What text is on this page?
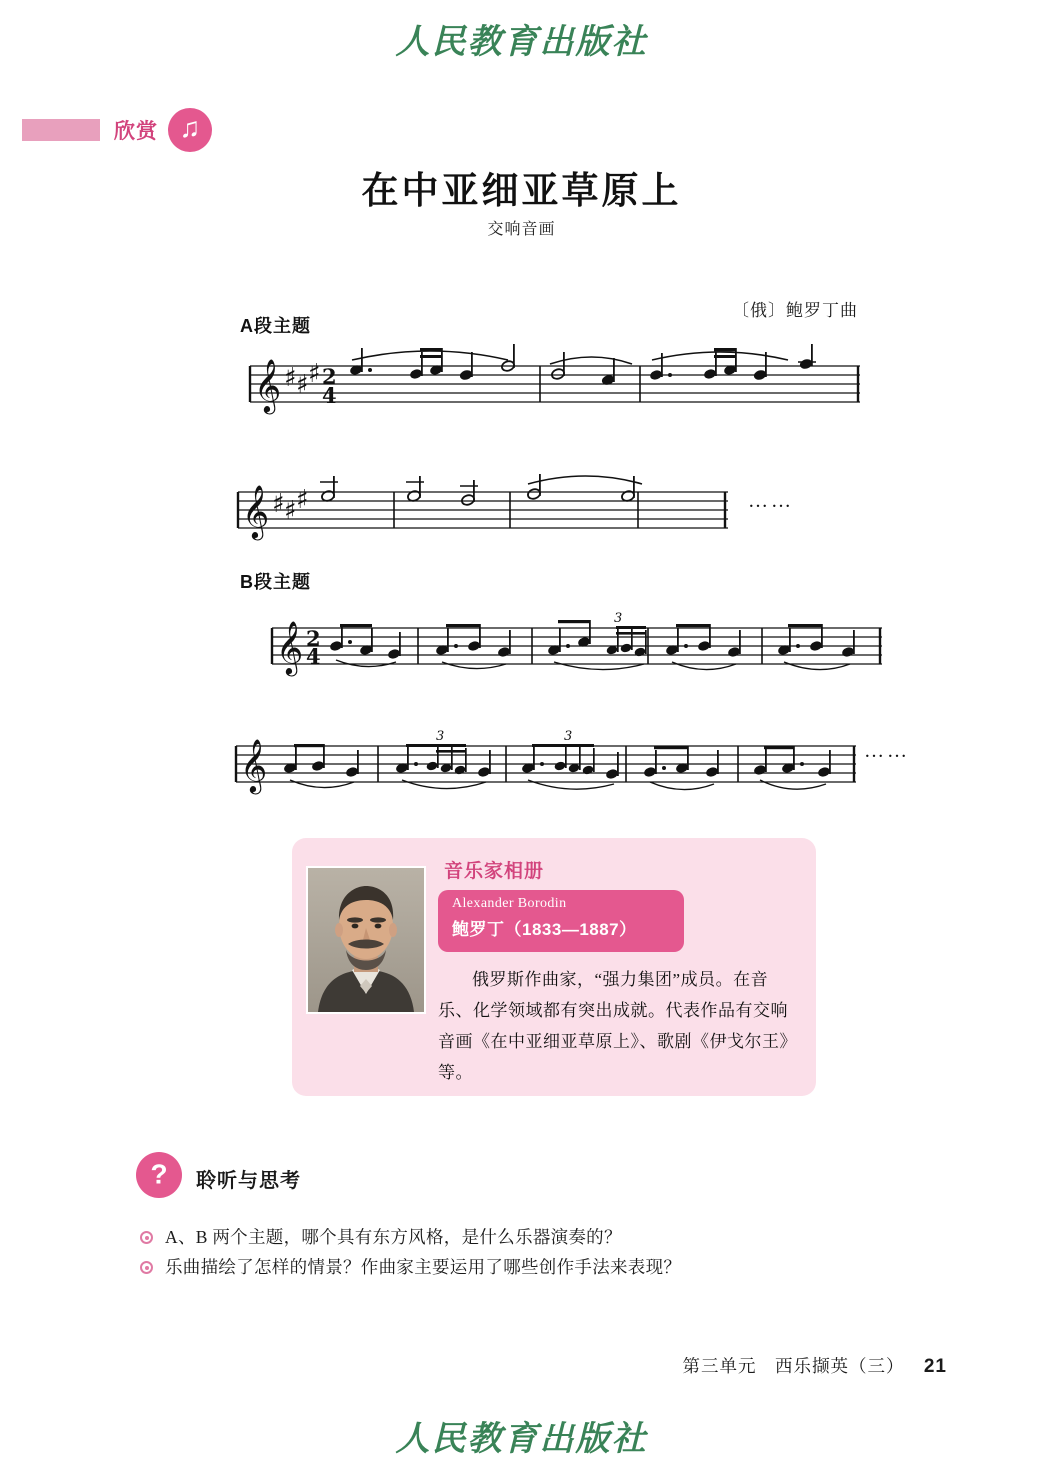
人民教育出版社
欣赏 ♫
在中亚细亚草原上
交响音画
〔俄〕鲍罗丁曲
A段主题
B段主题
𝄞 ♯ ♯ ♯ 2
4
𝄞 ♯ ♯ ♯	……
𝄞 2
4
3
𝄞
3	3
……
音乐家相册
Alexander Borodin
鲍罗丁（1833—1887）
俄罗斯作曲家，“强力集团”成员。在音乐、化学领域都有突出成就。代表作品有交响音画《在中亚细亚草原上》、歌剧《伊戈尔王》等。
?	聆听与思考
A、B 两个主题，哪个具有东方风格，是什么乐器演奏的？
乐曲描绘了怎样的情景？作曲家主要运用了哪些创作手法来表现？
第三单元　西乐撷英（三） 21
人民教育出版社
